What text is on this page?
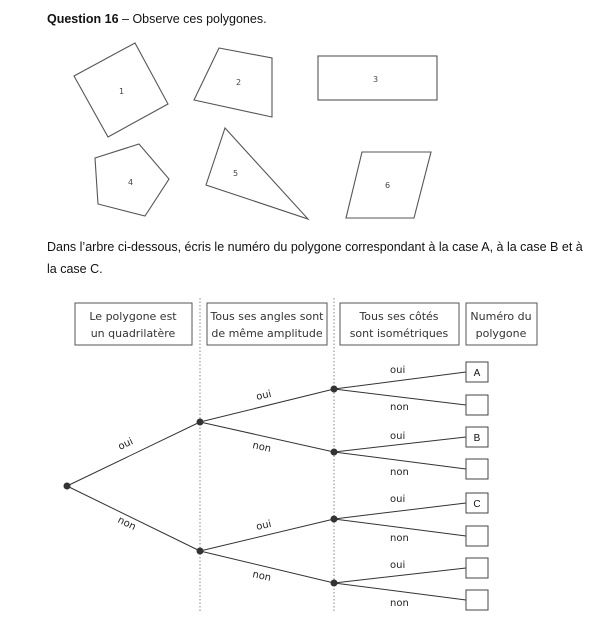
Question 16 – Observe ces polygones.
1
2	3
4
5
6
Le polygone est
un quadrilatère
Tous ses angles sont
de même amplitude
Tous ses côtés
sont isométriques
Numéro du
polygone
oui
non
oui
non
oui
non
oui
non
oui
non
oui
non
oui
non
A
B
C
Dans l’arbre ci-dessous, écris le numéro du polygone correspondant à la case A, à la case B et à la case C.
